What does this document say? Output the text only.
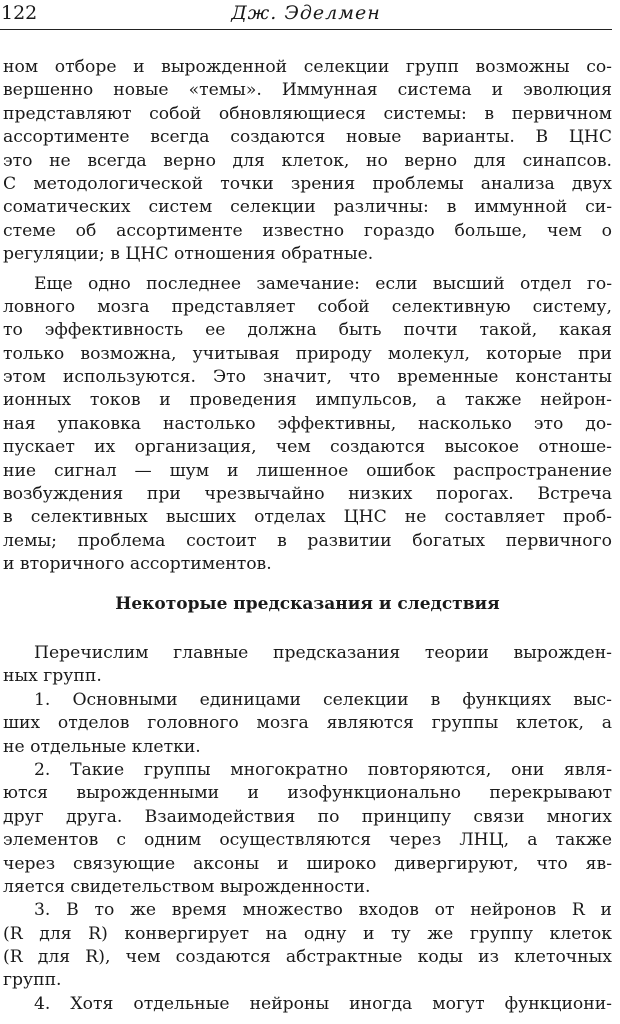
122	Дж. Эделмен
ном отборе и вырожденной селекции групп возможны со-
вершенно новые «темы». Иммунная система и эволюция
представляют собой обновляющиеся системы: в первичном
ассортименте всегда создаются новые варианты. В ЦНС
это не всегда верно для клеток, но верно для синапсов.
С методологической точки зрения проблемы анализа двух
соматических систем селекции различны: в иммунной си-
стеме об ассортименте известно гораздо больше, чем о
регуляции; в ЦНС отношения обратные.
Еще одно последнее замечание: если высший отдел го-
ловного мозга представляет собой селективную систему,
то эффективность ее должна быть почти такой, какая
только возможна, учитывая природу молекул, которые при
этом используются. Это значит, что временные константы
ионных токов и проведения импульсов, а также нейрон-
ная упаковка настолько эффективны, насколько это до-
пускает их организация, чем создаются высокое отноше-
ние сигнал — шум и лишенное ошибок распространение
возбуждения при чрезвычайно низких порогах. Встреча
в селективных высших отделах ЦНС не составляет проб-
лемы; проблема состоит в развитии богатых первичного
и вторичного ассортиментов.
Некоторые предсказания и следствия
Перечислим главные предсказания теории вырожден-
ных групп.
1. Основными единицами селекции в функциях выс-
ших отделов головного мозга являются группы клеток, а
не отдельные клетки.
2. Такие группы многократно повторяются, они явля-
ются вырожденными и изофункционально перекрывают
друг друга. Взаимодействия по принципу связи многих
элементов с одним осуществляются через ЛНЦ, а также
через связующие аксоны и широко дивергируют, что яв-
ляется свидетельством вырожденности.
3. В то же время множество входов от нейронов R и
(R для R) конвергирует на одну и ту же группу клеток
(R для R), чем создаются абстрактные коды из клеточных
групп.
4. Хотя отдельные нейроны иногда могут функциони-
